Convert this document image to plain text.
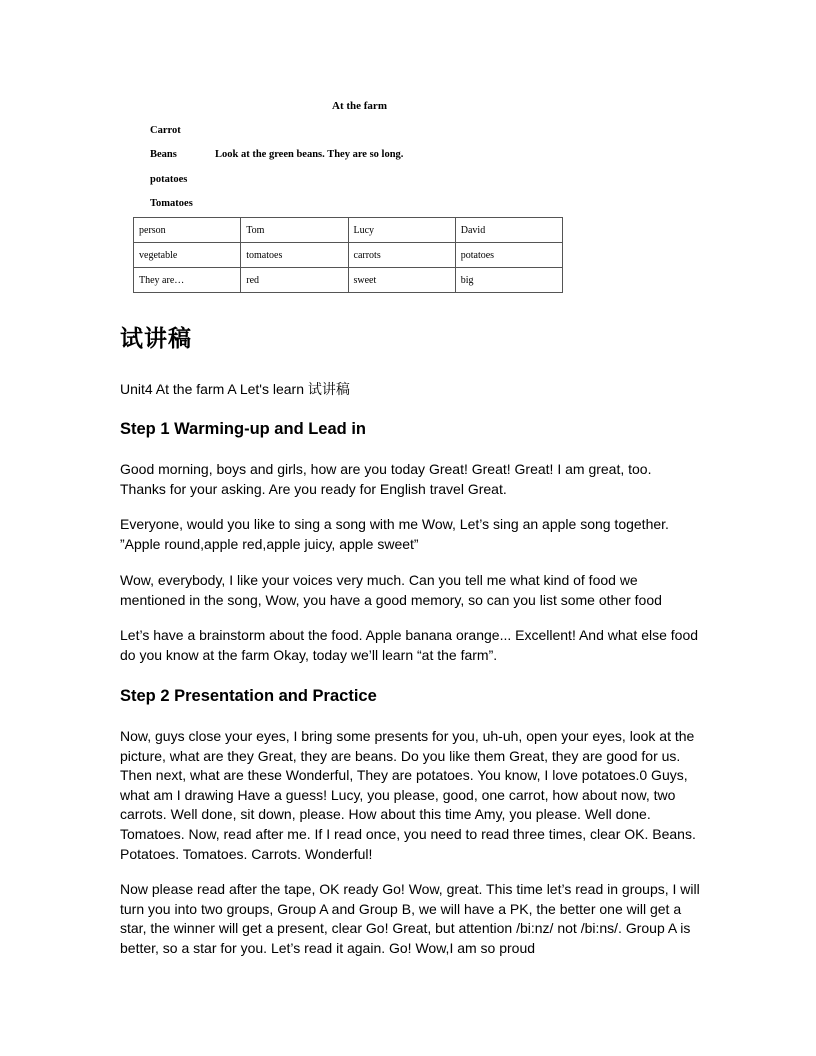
At the farm
Carrot
Beans	Look at the green beans. They are so long.
potatoes
Tomatoes
person	Tom	Lucy	David
vegetable	tomatoes	carrots	potatoes
They are…	red	sweet	big
试讲稿
Unit4 At the farm A Let's learn 试讲稿
Step 1 Warming-up and Lead in
Good morning, boys and girls, how are you today Great! Great! Great! I am great, too. Thanks for your asking. Are you ready for English travel Great.
Everyone, would you like to sing a song with me Wow, Let’s sing an apple song together. ”Apple round,apple red,apple juicy, apple sweet”
Wow, everybody, I like your voices very much. Can you tell me what kind of food we mentioned in the song, Wow, you have a good memory, so can you list some other food
Let’s have a brainstorm about the food. Apple banana orange... Excellent! And what else food do you know at the farm Okay, today we’ll learn “at the farm”.
Step 2 Presentation and Practice
Now, guys close your eyes, I bring some presents for you, uh-uh, open your eyes, look at the picture, what are they Great, they are beans. Do you like them Great, they are good for us. Then next, what are these Wonderful, They are potatoes. You know, I love potatoes.0 Guys, what am I drawing Have a guess! Lucy, you please, good, one carrot, how about now, two carrots. Well done, sit down, please. How about this time Amy, you please. Well done. Tomatoes. Now, read after me. If I read once, you need to read three times, clear OK. Beans. Potatoes. Tomatoes. Carrots. Wonderful!
Now please read after the tape, OK ready Go! Wow, great. This time let’s read in groups, I will turn you into two groups, Group A and Group B, we will have a PK, the better one will get a star, the winner will get a present, clear Go! Great, but attention /bi:nz/ not /bi:ns/. Group A is better, so a star for you. Let’s read it again. Go! Wow,I am so proud
